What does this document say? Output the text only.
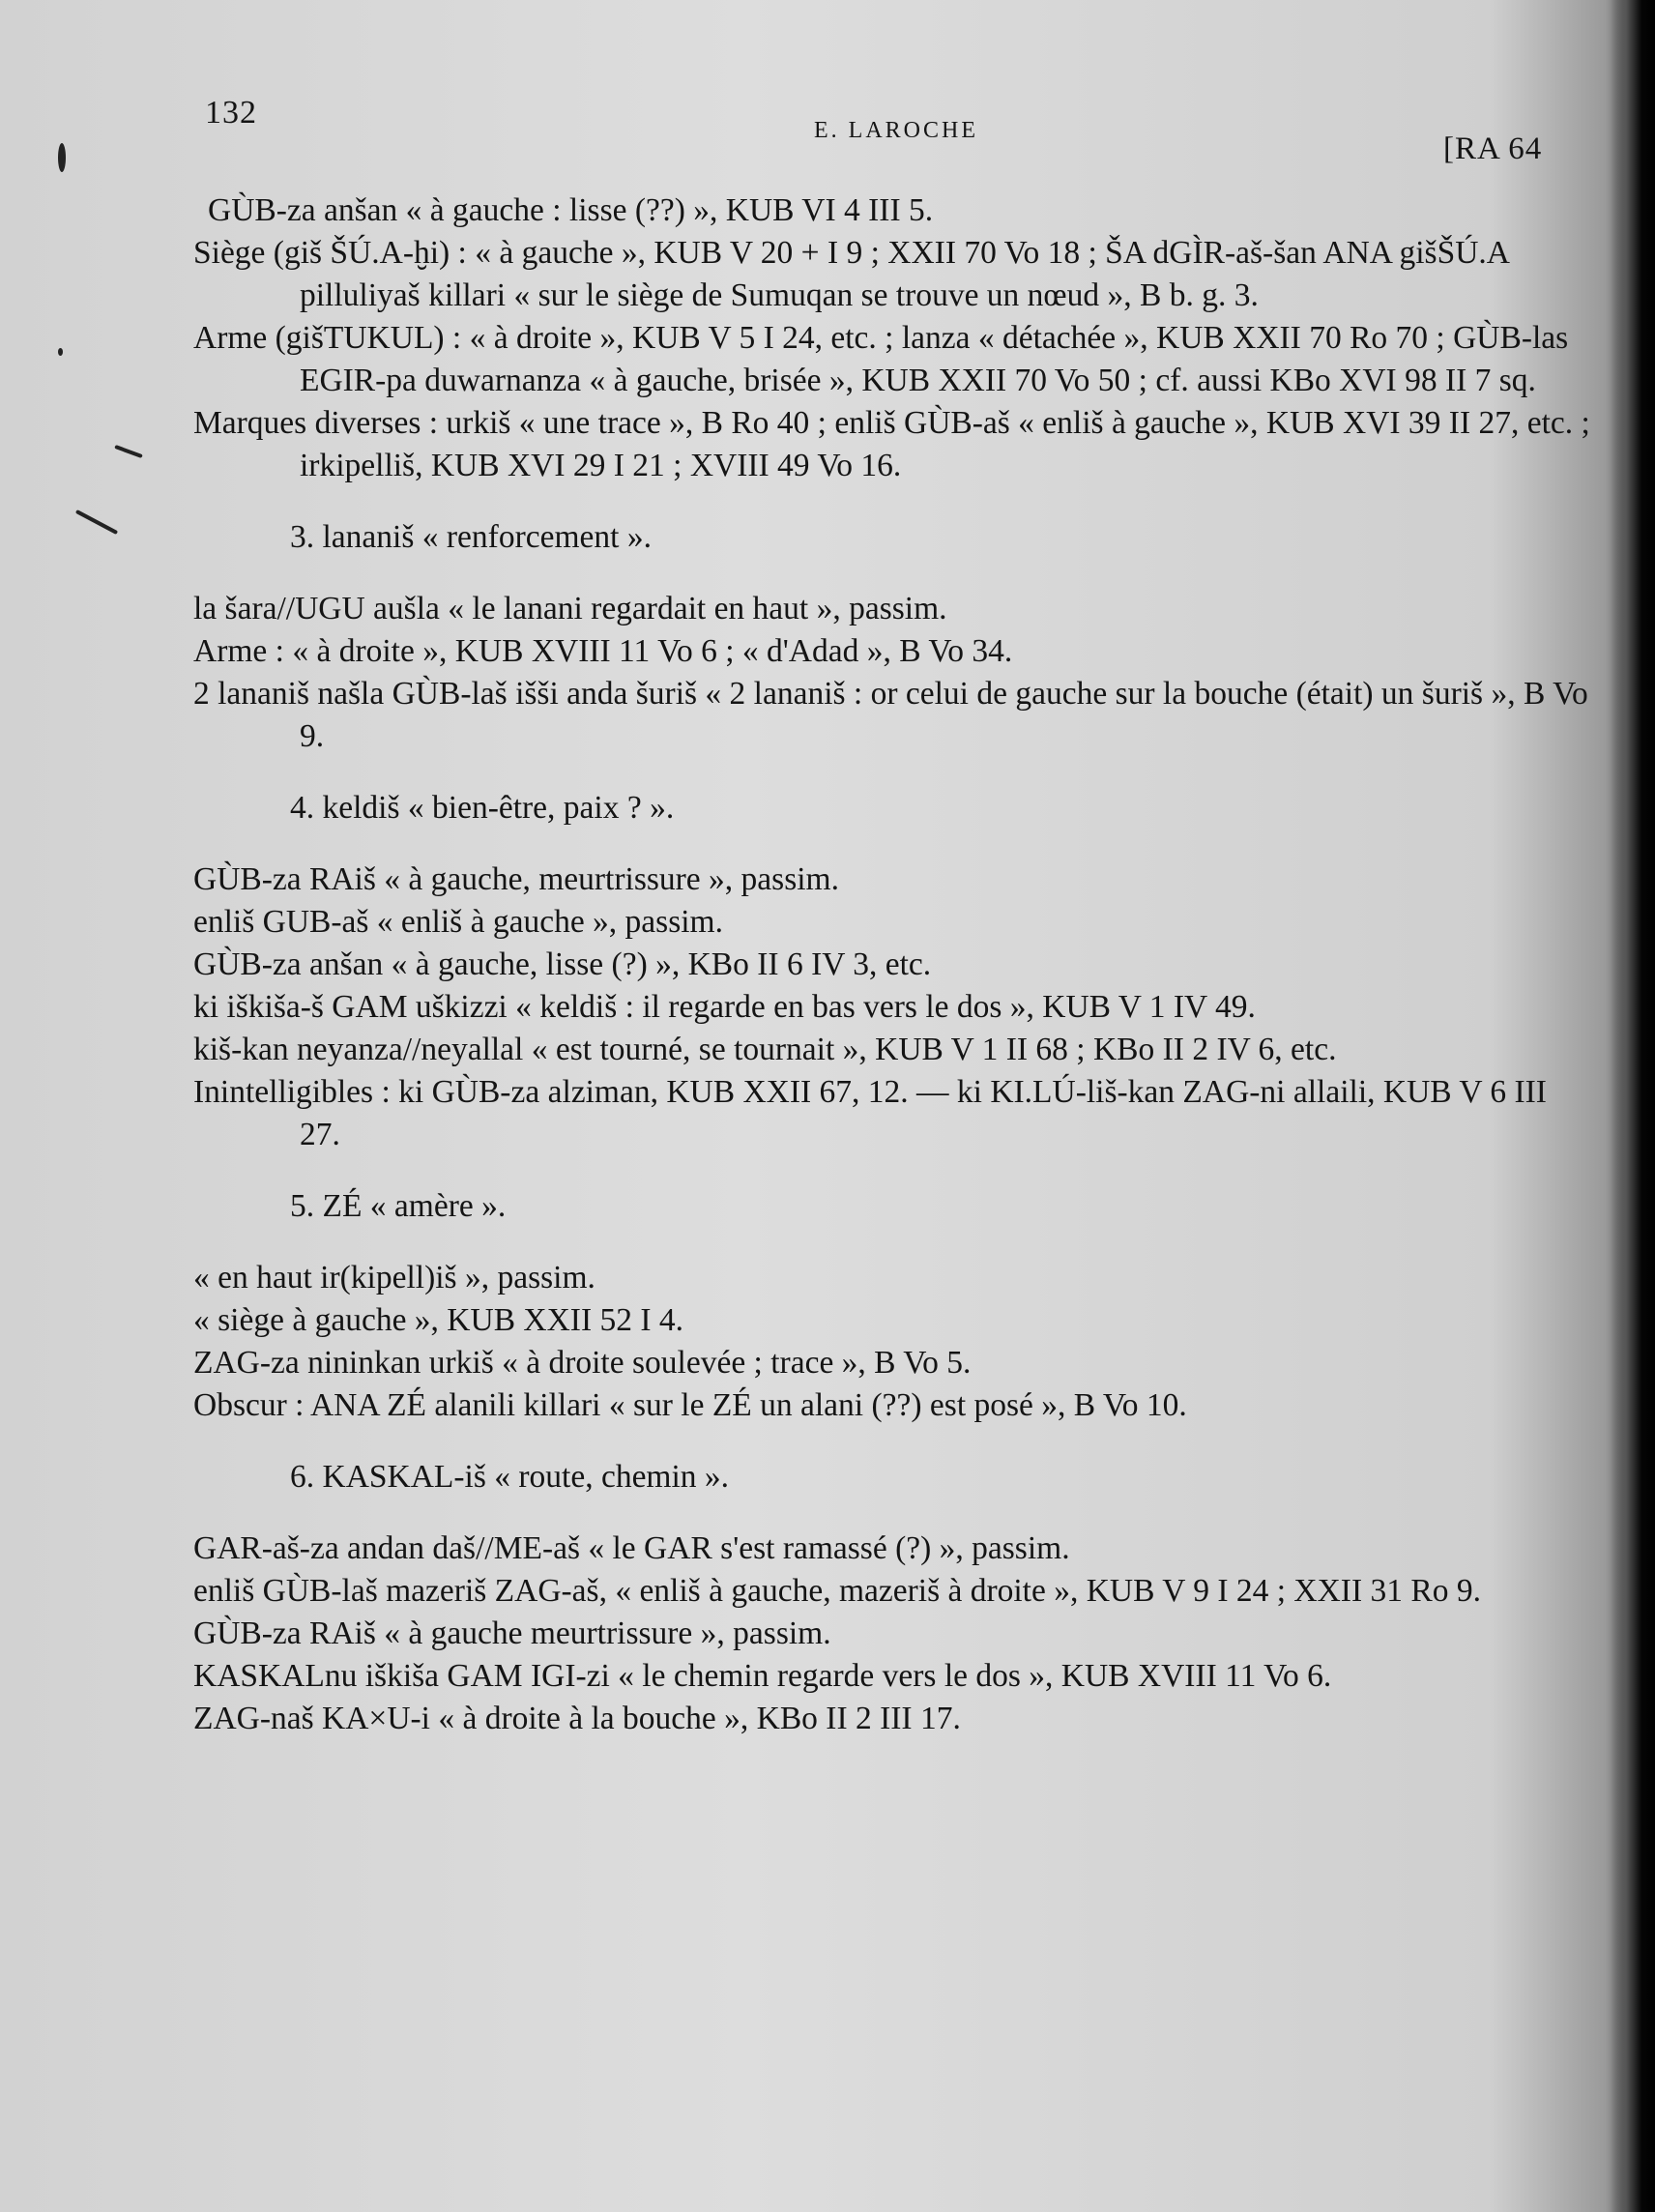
132	E. LAROCHE
[RA 64

GÙB-za anšan « à gauche : lisse (??) », KUB VI 4 III 5.

Siège (giš ŠÚ.A-ḫi) : « à gauche », KUB V 20 + I 9 ; XXII 70 Vo 18 ; ŠA dGÌR-aš-šan ANA gišŠÚ.A pilluliyaš killari « sur le siège de Sumuqan se trouve un nœud », B b. g. 3.

Arme (gišTUKUL) : « à droite », KUB V 5 I 24, etc. ; lanza « détachée », KUB XXII 70 Ro 70 ; GÙB-las EGIR-pa duwarnanza « à gauche, brisée », KUB XXII 70 Vo 50 ; cf. aussi KBo XVI 98 II 7 sq.

Marques diverses : urkiš « une trace », B Ro 40 ; enliš GÙB-aš « enliš à gauche », KUB XVI 39 II 27, etc. ; irkipelliš, KUB XVI 29 I 21 ; XVIII 49 Vo 16.

3. lananiš « renforcement ».

la šara//UGU aušla « le lanani regardait en haut », passim.

Arme : « à droite », KUB XVIII 11 Vo 6 ; « d'Adad », B Vo 34.

2 lananiš našla GÙB-laš išši anda šuriš « 2 lananiš : or celui de gauche sur la bouche (était) un šuriš », B Vo 9.

4. keldiš « bien-être, paix ? ».

GÙB-za RAiš « à gauche, meurtrissure », passim.

enliš GUB-aš « enliš à gauche », passim.

GÙB-za anšan « à gauche, lisse (?) », KBo II 6 IV 3, etc.

ki iškiša-š GAM uškizzi « keldiš : il regarde en bas vers le dos », KUB V 1 IV 49.

kiš-kan neyanza//neyallal « est tourné, se tournait », KUB V 1 II 68 ; KBo II 2 IV 6, etc.

Inintelligibles : ki GÙB-za alziman, KUB XXII 67, 12. — ki KI.LÚ-liš-kan ZAG-ni allaili, KUB V 6 III 27.

5. ZÉ « amère ».

« en haut ir(kipell)iš », passim.

« siège à gauche », KUB XXII 52 I 4.

ZAG-za nininkan urkiš « à droite soulevée ; trace », B Vo 5.

Obscur : ANA ZÉ alanili killari « sur le ZÉ un alani (??) est posé », B Vo 10.

6. KASKAL-iš « route, chemin ».

GAR-aš-za andan daš//ME-aš « le GAR s'est ramassé (?) », passim.

enliš GÙB-laš mazeriš ZAG-aš, « enliš à gauche, mazeriš à droite », KUB V 9 I 24 ; XXII 31 Ro 9.

GÙB-za RAiš « à gauche meurtrissure », passim.

KASKALnu iškiša GAM IGI-zi « le chemin regarde vers le dos », KUB XVIII 11 Vo 6.

ZAG-naš KA×U-i « à droite à la bouche », KBo II 2 III 17.
